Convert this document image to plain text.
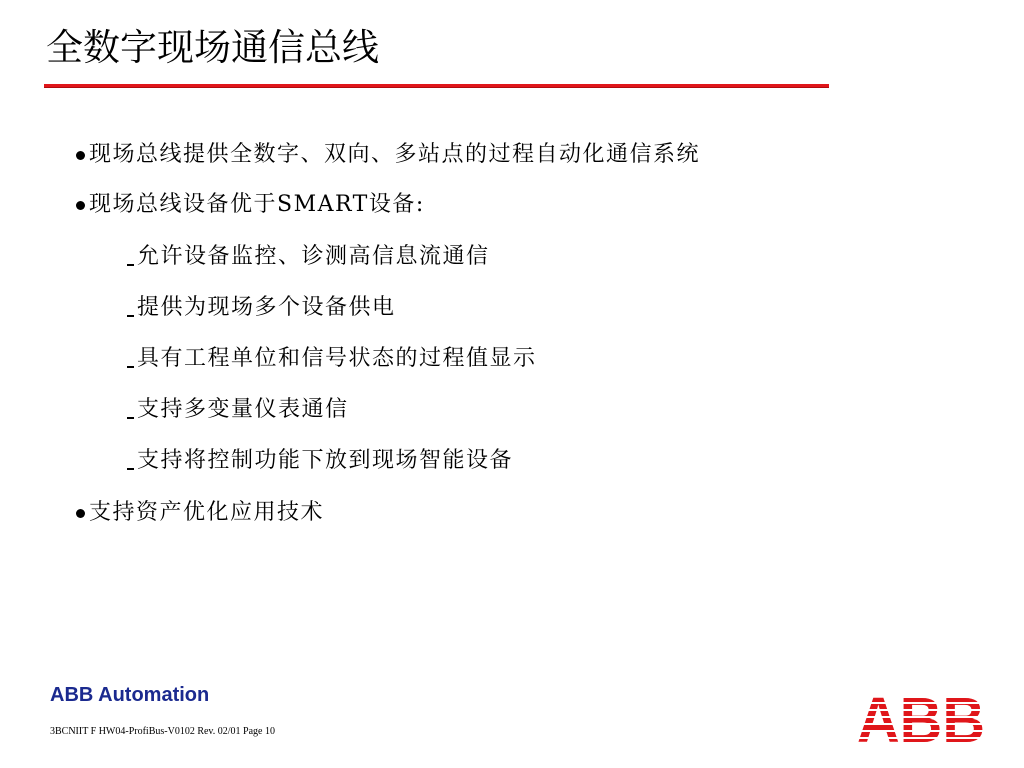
全数字现场通信总线
现场总线提供全数字、双向、多站点的过程自动化通信系统
现场总线设备优于SMART设备:
允许设备监控、诊测高信息流通信
提供为现场多个设备供电
具有工程单位和信号状态的过程值显示
支持多变量仪表通信
支持将控制功能下放到现场智能设备
支持资产优化应用技术
ABB Automation
3BCNIIT F HW04-ProfiBus-V0102 Rev. 02/01 Page 10	ABB
